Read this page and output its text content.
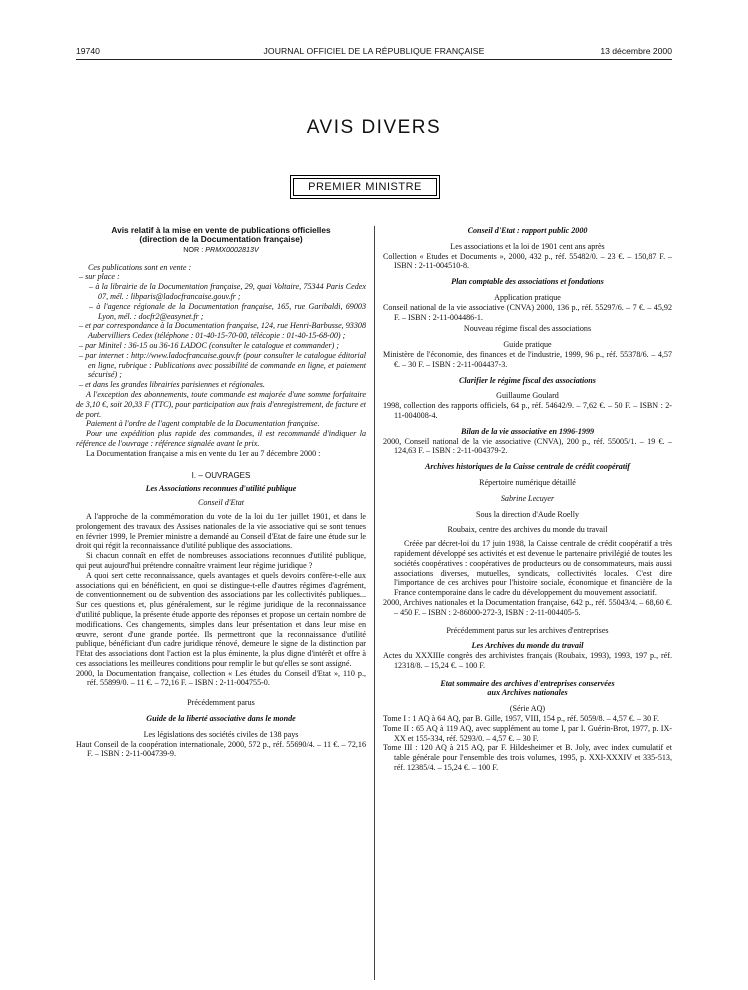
19740	JOURNAL OFFICIEL DE LA RÉPUBLIQUE FRANÇAISE	13 décembre 2000
AVIS DIVERS
PREMIER MINISTRE

Avis relatif à la mise en vente de publications officielles

(direction de la Documentation française)

NOR : PRMX0002813V

Ces publications sont en vente :

– sur place :

– à la librairie de la Documentation française, 29, quai Voltaire, 75344 Paris Cedex 07, mél. : libparis@ladocfrancaise.gouv.fr ;

– à l'agence régionale de la Documentation française, 165, rue Garibaldi, 69003 Lyon, mél. : docfr2@easynet.fr ;

– et par correspondance à la Documentation française, 124, rue Henri-Barbusse, 93308 Aubervilliers Cedex (téléphone : 01-40-15-70-00, télécopie : 01-40-15-68-00) ;

– par Minitel : 36-15 ou 36-16 LADOC (consulter le catalogue et commander) ;

– par internet : http://www.ladocfrancaise.gouv.fr (pour consulter le catalogue éditorial en ligne, rubrique : Publications avec possibilité de commande en ligne, et paiement sécurisé) ;

– et dans les grandes librairies parisiennes et régionales.

A l'exception des abonnements, toute commande est majorée d'une somme forfaitaire de 3,10 €, soit 20,33 F (TTC), pour participation aux frais d'enregistrement, de facture et de port.

Paiement à l'ordre de l'agent comptable de la Documentation française.

Pour une expédition plus rapide des commandes, il est recommandé d'indiquer la référence de l'ouvrage : référence signalée avant le prix.

La Documentation française a mis en vente du 1er au 7 décembre 2000 :

I. – OUVRAGES

Les Associations reconnues d'utilité publique

Conseil d'Etat

A l'approche de la commémoration du vote de la loi du 1er juillet 1901, et dans le prolongement des travaux des Assises nationales de la vie associative qui se sont tenues en février 1999, le Premier ministre a demandé au Conseil d'Etat de faire une étude sur le droit qui régit la reconnaissance d'utilité publique des associations.

Si chacun connaît en effet de nombreuses associations reconnues d'utilité publique, qui peut aujourd'hui prétendre connaître vraiment leur régime juridique ?

A quoi sert cette reconnaissance, quels avantages et quels devoirs confère-t-elle aux associations qui en bénéficient, en quoi se distingue-t-elle d'autres régimes d'agrément, de conventionnement ou de subvention des associations par les collectivités publiques... Sur ces questions et, plus généralement, sur le régime juridique de la reconnaissance d'utilité publique, la présente étude apporte des réponses et propose un certain nombre de modifications. Ces changements, simples dans leur présentation et dans leur mise en œuvre, seront d'une grande portée. Ils permettront que la reconnaissance d'utilité publique, bénéficiant d'un cadre juridique rénové, demeure le signe de la distinction par l'Etat des associations dont l'action est la plus éminente, la plus digne d'intérêt et offre à ces associations les meilleures conditions pour remplir le but qu'elles se sont assigné.

2000, la Documentation française, collection « Les études du Conseil d'Etat », 110 p., réf. 55899/0. – 11 €. – 72,16 F. – ISBN : 2-11-004755-0.

Précédemment parus

Guide de la liberté associative dans le monde

Les législations des sociétés civiles de 138 pays

Haut Conseil de la coopération internationale, 2000, 572 p., réf. 55690/4. – 11 €. – 72,16 F. – ISBN : 2-11-004739-9.

Conseil d'Etat : rapport public 2000

Les associations et la loi de 1901 cent ans après

Collection « Etudes et Documents », 2000, 432 p., réf. 55482/0. – 23 €. – 150,87 F. – ISBN : 2-11-004510-8.

Plan comptable des associations et fondations

Application pratique

Conseil national de la vie associative (CNVA) 2000, 136 p., réf. 55297/6. – 7 €. – 45,92 F. – ISBN : 2-11-004486-1.

Nouveau régime fiscal des associations

Guide pratique

Ministère de l'économie, des finances et de l'industrie, 1999, 96 p., réf. 55378/6. – 4,57 €. – 30 F. – ISBN : 2-11-004437-3.

Clarifier le régime fiscal des associations

Guillaume Goulard

1998, collection des rapports officiels, 64 p., réf. 54642/9. – 7,62 €. – 50 F. – ISBN : 2-11-004008-4.

Bilan de la vie associative en 1996-1999

2000, Conseil national de la vie associative (CNVA), 200 p., réf. 55005/1. – 19 €. – 124,63 F. – ISBN : 2-11-004379-2.

Archives historiques de la Caisse centrale de crédit coopératif

Répertoire numérique détaillé

Sabrine Lecuyer

Sous la direction d'Aude Roelly

Roubaix, centre des archives du monde du travail

Créée par décret-loi du 17 juin 1938, la Caisse centrale de crédit coopératif a très rapidement développé ses activités et est devenue le partenaire privilégié de toutes les sociétés coopératives : coopératives de producteurs ou de consommateurs, mais aussi associations diverses, mutuelles, syndicats, collectivités locales. C'est dire l'importance de ces archives pour l'histoire sociale, économique et financière de la France contemporaine dans le cadre du développement du mouvement associatif.

2000, Archives nationales et la Documentation française, 642 p., réf. 55043/4. – 68,60 €. – 450 F. – ISBN : 2-86000-272-3, ISBN : 2-11-004405-5.

Précédemment parus sur les archives d'entreprises

Les Archives du monde du travail

Actes du XXXIIIe congrès des archivistes français (Roubaix, 1993), 1993, 197 p., réf. 12318/8. – 15,24 €. – 100 F.

Etat sommaire des archives d'entreprises conservées

aux Archives nationales

(Série AQ)

Tome I : 1 AQ à 64 AQ, par B. Gille, 1957, VIII, 154 p., réf. 5059/8. – 4,57 €. – 30 F.

Tome II : 65 AQ à 119 AQ, avec supplément au tome I, par I. Guérin-Brot, 1977, p. IX-XX et 155-334, réf. 5293/0. – 4,57 €. – 30 F.

Tome III : 120 AQ à 215 AQ, par F. Hildesheimer et B. Joly, avec index cumulatif et table générale pour l'ensemble des trois volumes, 1995, p. XXI-XXXIV et 335-513, réf. 12385/4. – 15,24 €. – 100 F.
